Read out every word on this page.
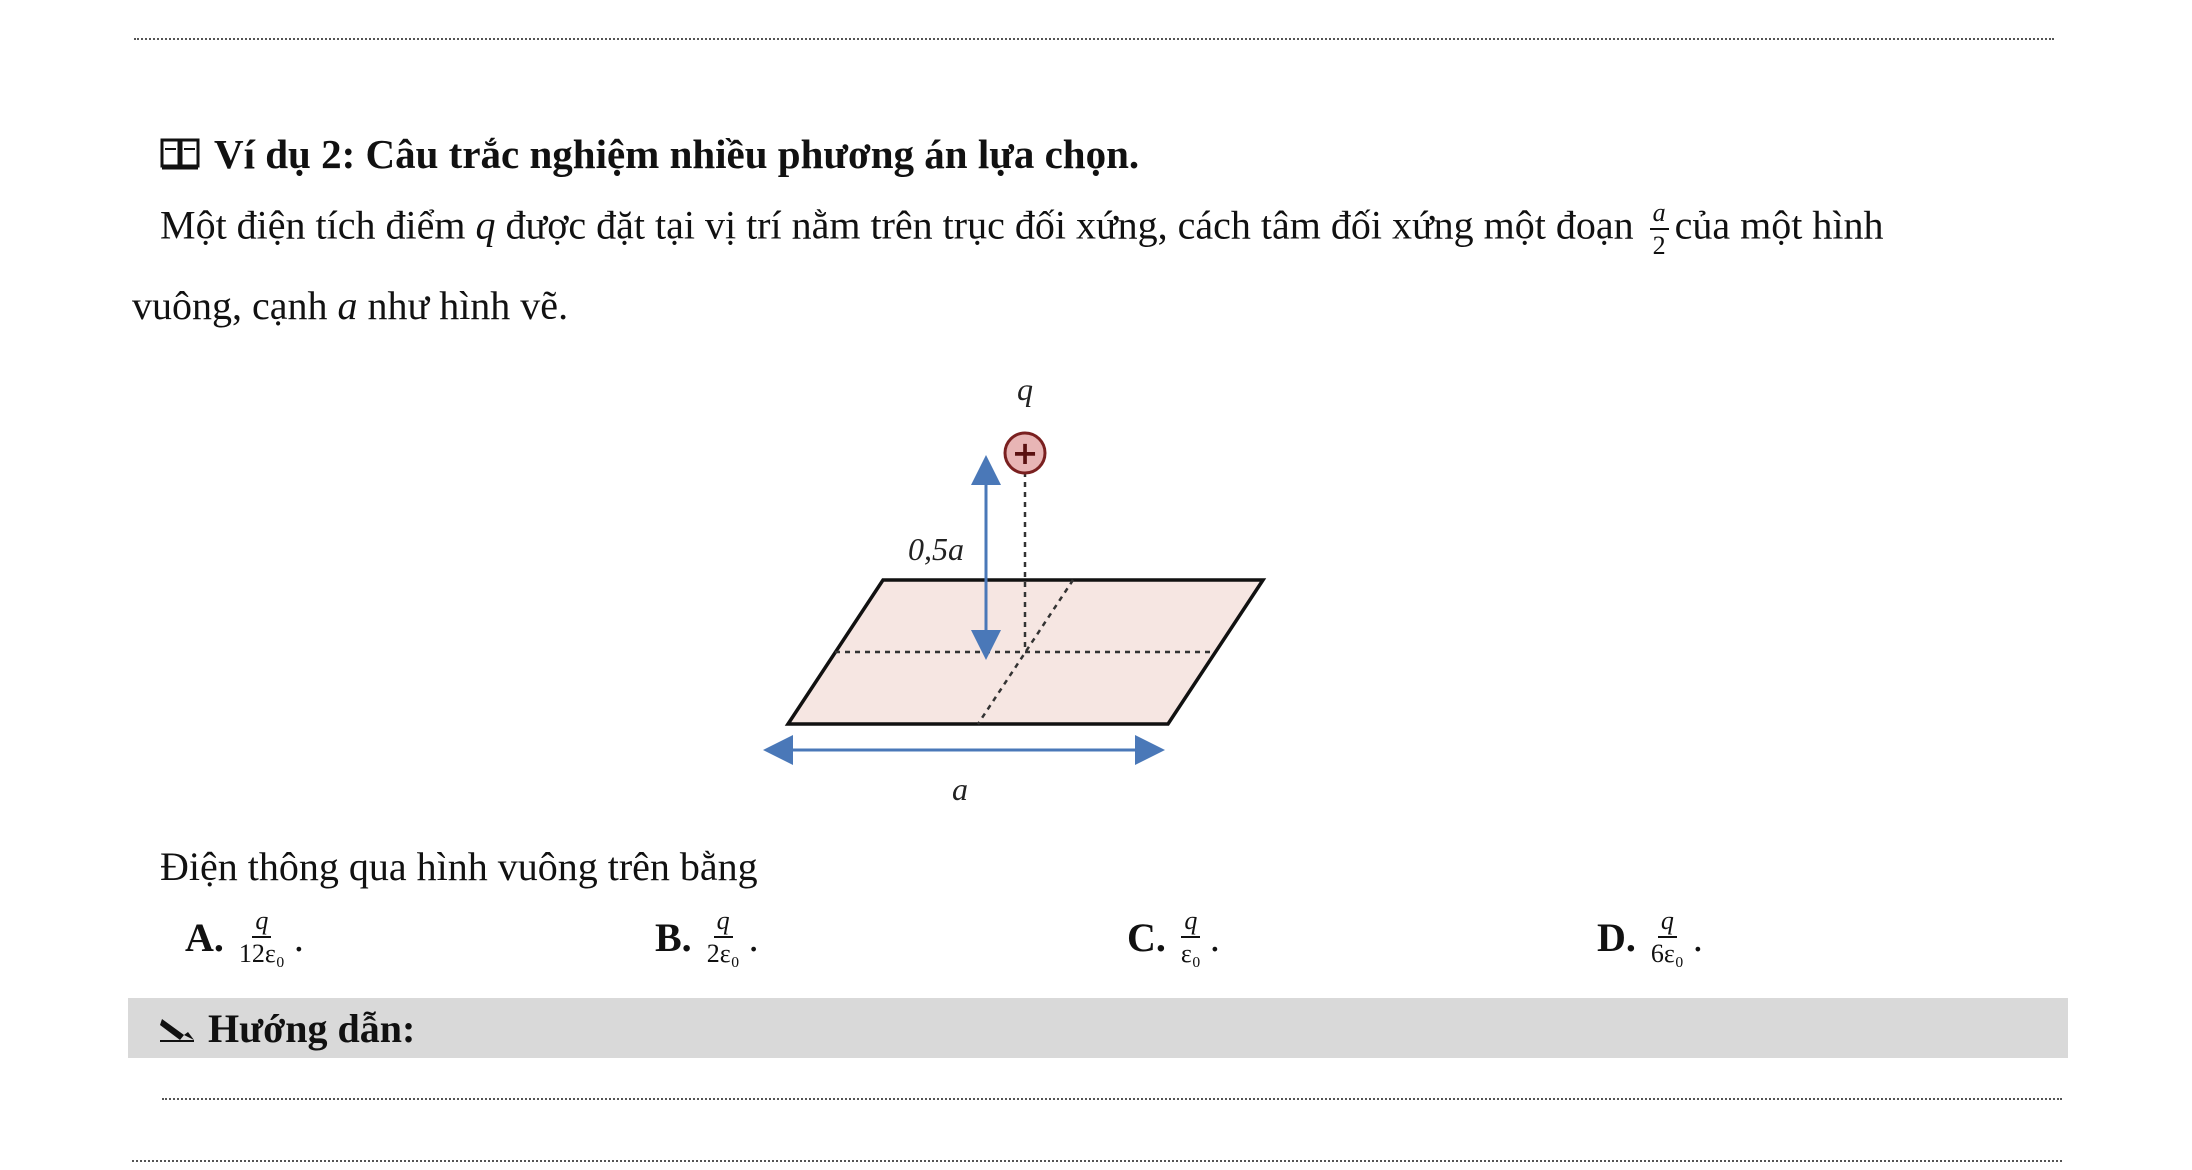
Ví dụ 2: Câu trắc nghiệm nhiều phương án lựa chọn.
Một điện tích điểm q được đặt tại vị trí nằm trên trục đối xứng, cách tâm đối xứng một đoạn $\frac{a}{2}$ của một hình
vuông, cạnh a như hình vẽ.
+
q
0,5a
a
Điện thông qua hình vuông trên bằng
A. $\frac{q}{\text{12ε₀}}$ .	B. $\frac{q}{\text{2ε₀}}$ .	C. $\frac{q}{\text{ε₀}}$ .	D. $\frac{q}{\text{6ε₀}}$ .
Hướng dẫn:
